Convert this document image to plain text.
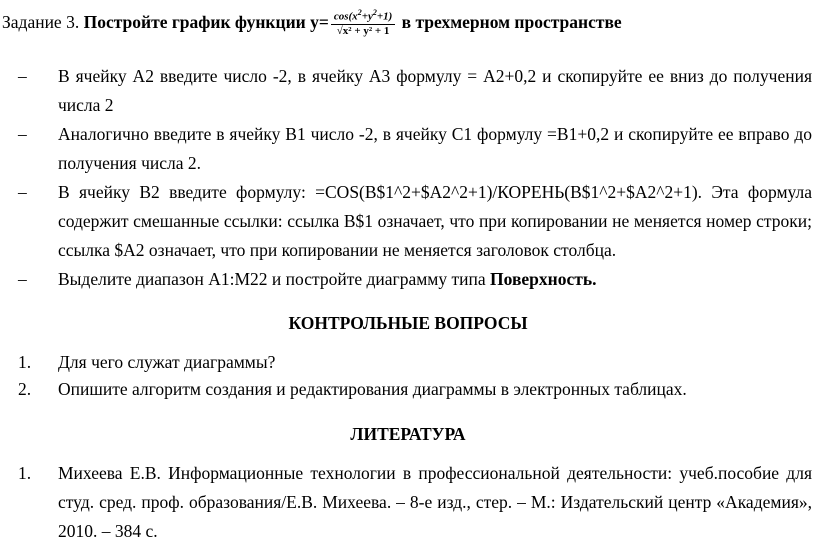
Задание 3. Постройте график функции $y= \frac{\cos(x^2+y^2+1)}{\text{√x² + y² + 1}}$ в трехмерном пространстве
– В ячейку А2 введите число -2, в ячейку А3 формулу = А2+0,2 и скопируйте ее вниз до получения числа 2
– Аналогично введите в ячейку В1 число -2, в ячейку С1 формулу =В1+0,2 и скопируйте ее вправо до получения числа 2.
– В ячейку В2 введите формулу: =COS(B$1^2+$A2^2+1)/КОРЕНЬ(B$1^2+$A2^2+1). Эта формула содержит смешанные ссылки: ссылка B$1 означает, что при копировании не меняется номер строки; ссылка $A2 означает, что при копировании не меняется заголовок столбца.
– Выделите диапазон A1:M22 и постройте диаграмму типа Поверхность.
КОНТРОЛЬНЫЕ ВОПРОСЫ
1. Для чего служат диаграммы?
2. Опишите алгоритм создания и редактирования диаграммы в электронных таблицах.
ЛИТЕРАТУРА
1. Михеева Е.В. Информационные технологии в профессиональной деятельности: учеб.пособие для студ. сред. проф. образования/Е.В. Михеева. – 8-е изд., стер. – М.: Издательский центр «Академия», 2010. – 384 с.
